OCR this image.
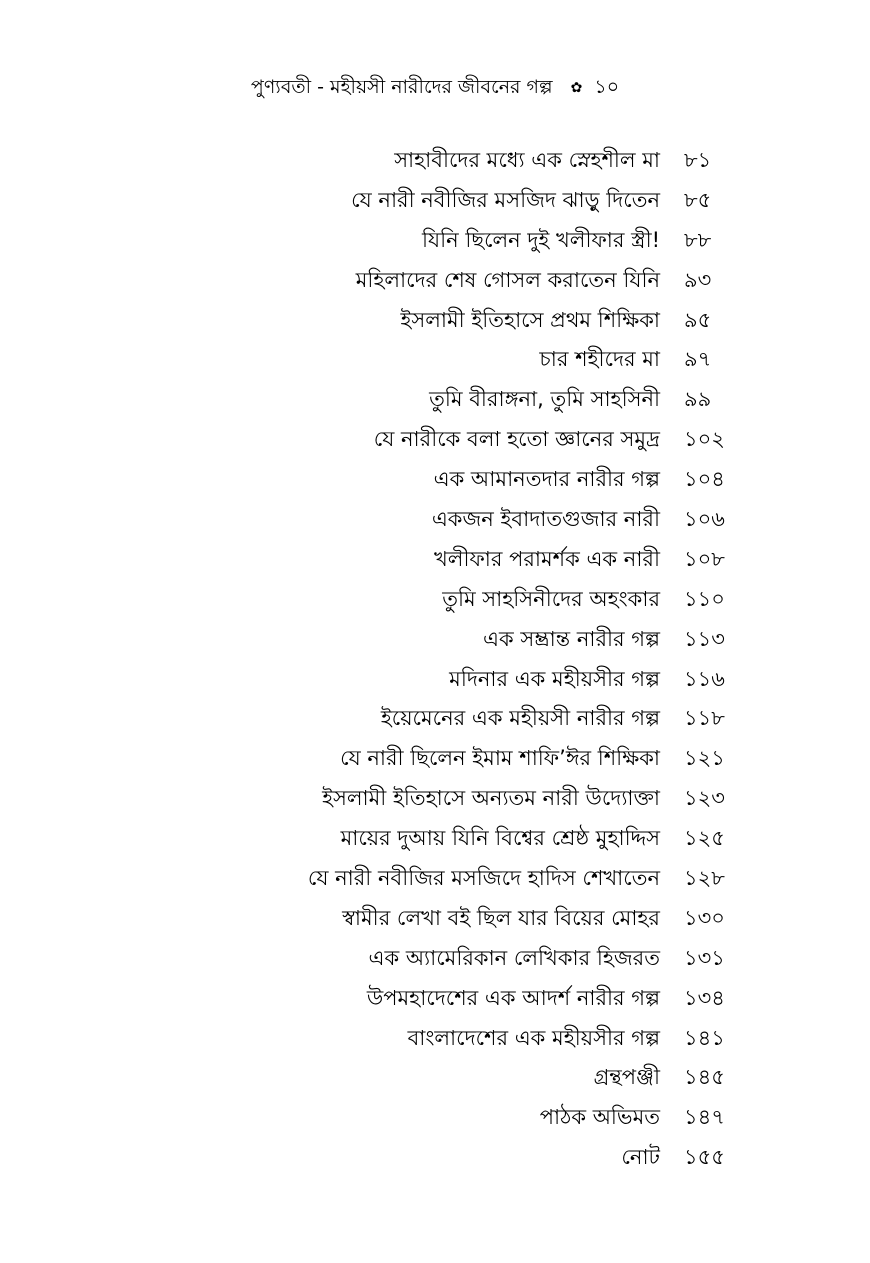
পুণ্যবতী - মহীয়সী নারীদের জীবনের গল্প ✿ ১০
সাহাবীদের মধ্যে এক স্নেহশীল মা ৮১
যে নারী নবীজির মসজিদ ঝাড়ু দিতেন ৮৫
যিনি ছিলেন দুই খলীফার স্ত্রী! ৮৮
মহিলাদের শেষ গোসল করাতেন যিনি ৯৩
ইসলামী ইতিহাসে প্রথম শিক্ষিকা ৯৫
চার শহীদের মা ৯৭
তুমি বীরাঙ্গনা, তুমি সাহসিনী ৯৯
যে নারীকে বলা হতো জ্ঞানের সমুদ্র ১০২
এক আমানতদার নারীর গল্প ১০৪
একজন ইবাদাতগুজার নারী ১০৬
খলীফার পরামর্শক এক নারী ১০৮
তুমি সাহসিনীদের অহংকার ১১০
এক সম্ভ্রান্ত নারীর গল্প ১১৩
মদিনার এক মহীয়সীর গল্প ১১৬
ইয়েমেনের এক মহীয়সী নারীর গল্প ১১৮
যে নারী ছিলেন ইমাম শাফি’ঈর শিক্ষিকা ১২১
ইসলামী ইতিহাসে অন্যতম নারী উদ্যোক্তা ১২৩
মায়ের দুআয় যিনি বিশ্বের শ্রেষ্ঠ মুহাদ্দিস ১২৫
যে নারী নবীজির মসজিদে হাদিস শেখাতেন ১২৮
স্বামীর লেখা বই ছিল যার বিয়ের মোহর ১৩০
এক অ্যামেরিকান লেখিকার হিজরত ১৩১
উপমহাদেশের এক আদর্শ নারীর গল্প ১৩৪
বাংলাদেশের এক মহীয়সীর গল্প ১৪১
গ্রন্থপঞ্জী ১৪৫
পাঠক অভিমত ১৪৭
নোট ১৫৫
